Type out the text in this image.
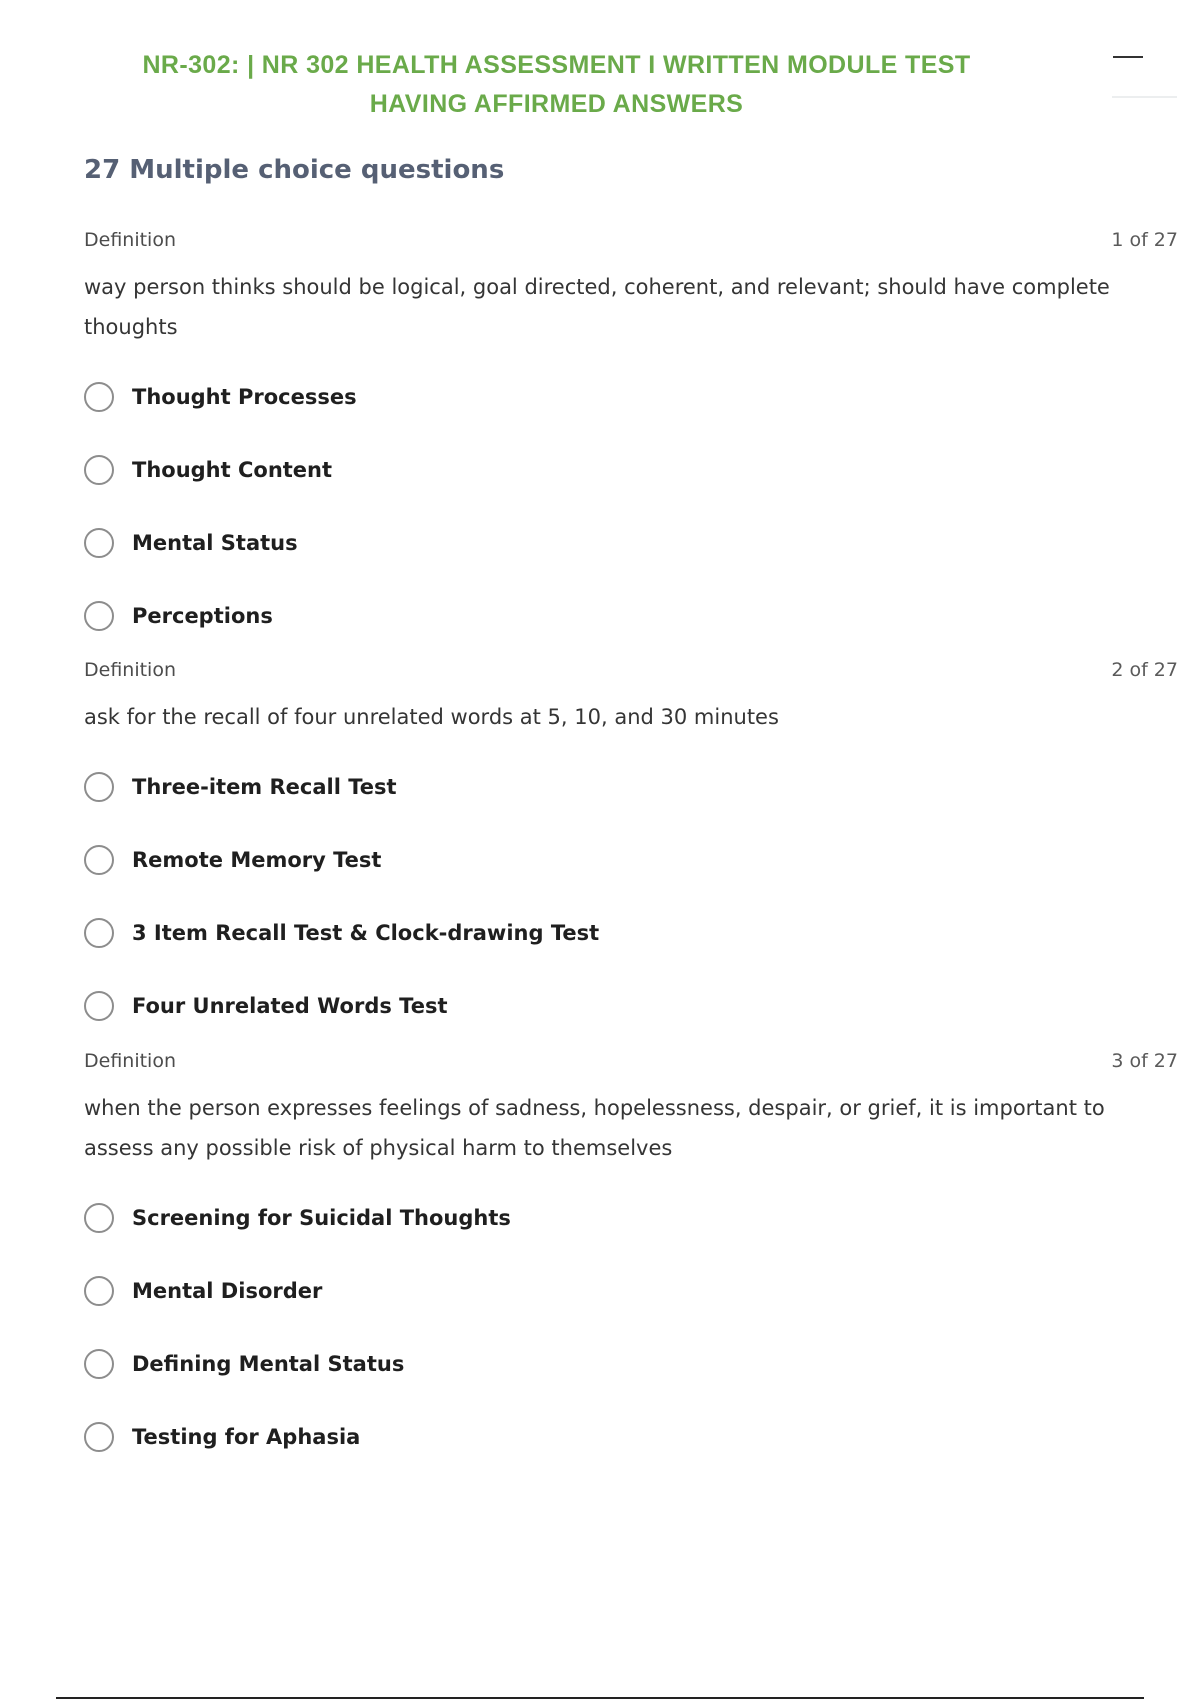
NR-302: | NR 302 HEALTH ASSESSMENT I WRITTEN MODULE TEST
HAVING AFFIRMED ANSWERS
27 Multiple choice questions
Definition	1 of 27

way person thinks should be logical, goal directed, coherent, and relevant; should have complete thoughts

Thought Processes
Thought Content
Mental Status
Perceptions
Definition	2 of 27

ask for the recall of four unrelated words at 5, 10, and 30 minutes

Three-item Recall Test
Remote Memory Test
3 Item Recall Test & Clock-drawing Test
Four Unrelated Words Test
Definition	3 of 27

when the person expresses feelings of sadness, hopelessness, despair, or grief, it is important to assess any possible risk of physical harm to themselves

Screening for Suicidal Thoughts
Mental Disorder
Defining Mental Status
Testing for Aphasia
